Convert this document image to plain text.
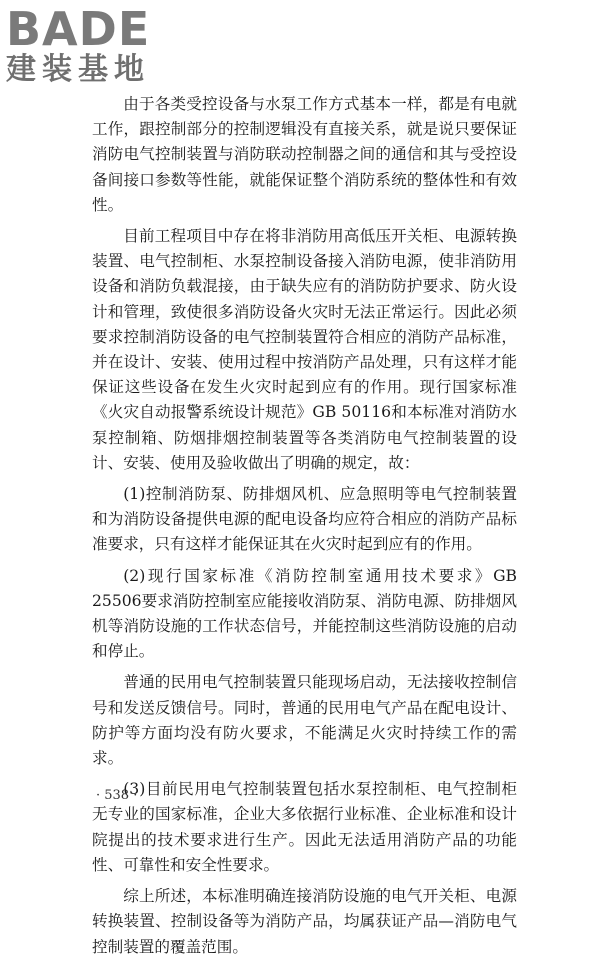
BADE
建装基地

由于各类受控设备与水泵工作方式基本一样，都是有电就工作，跟控制部分的控制逻辑没有直接关系，就是说只要保证消防电气控制装置与消防联动控制器之间的通信和其与受控设备间接口参数等性能，就能保证整个消防系统的整体性和有效性。

目前工程项目中存在将非消防用高低压开关柜、电源转换装置、电气控制柜、水泵控制设备接入消防电源，使非消防用设备和消防负载混接，由于缺失应有的消防防护要求、防火设计和管理，致使很多消防设备火灾时无法正常运行。因此必须要求控制消防设备的电气控制装置符合相应的消防产品标准，并在设计、安装、使用过程中按消防产品处理，只有这样才能保证这些设备在发生火灾时起到应有的作用。现行国家标准《火灾自动报警系统设计规范》GB 50116和本标准对消防水泵控制箱、防烟排烟控制装置等各类消防电气控制装置的设计、安装、使用及验收做出了明确的规定，故：

(1)控制消防泵、防排烟风机、应急照明等电气控制装置和为消防设备提供电源的配电设备均应符合相应的消防产品标准要求，只有这样才能保证其在火灾时起到应有的作用。

(2)现行国家标准《消防控制室通用技术要求》GB 25506要求消防控制室应能接收消防泵、消防电源、防排烟风机等消防设施的工作状态信号，并能控制这些消防设施的启动和停止。

普通的民用电气控制装置只能现场启动，无法接收控制信号和发送反馈信号。同时，普通的民用电气产品在配电设计、防护等方面均没有防火要求，不能满足火灾时持续工作的需求。

(3)目前民用电气控制装置包括水泵控制柜、电气控制柜无专业的国家标准，企业大多依据行业标准、企业标准和设计院提出的技术要求进行生产。因此无法适用消防产品的功能性、可靠性和安全性要求。

综上所述，本标准明确连接消防设施的电气开关柜、电源转换装置、控制设备等为消防产品，均属获证产品—消防电气控制装置的覆盖范围。

· 538 ·
